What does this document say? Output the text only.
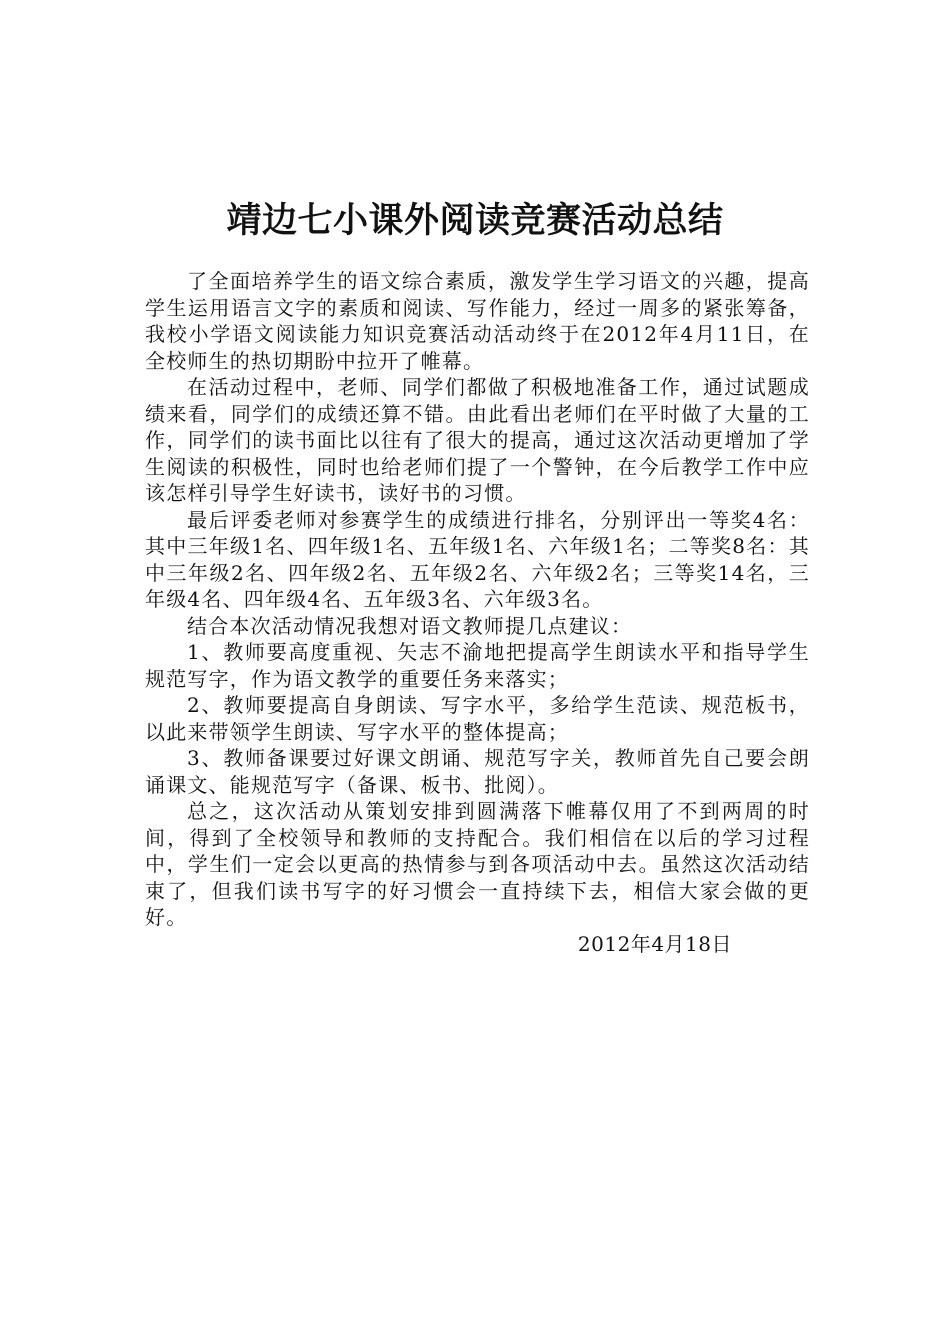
靖边七小课外阅读竞赛活动总结

了全面培养学生的语文综合素质，激发学生学习语文的兴趣，提高学生运用语言文字的素质和阅读、写作能力，经过一周多的紧张筹备，我校小学语文阅读能力知识竞赛活动活动终于在2012年4月11日，在全校师生的热切期盼中拉开了帷幕。

在活动过程中，老师、同学们都做了积极地准备工作，通过试题成绩来看，同学们的成绩还算不错。由此看出老师们在平时做了大量的工作，同学们的读书面比以往有了很大的提高，通过这次活动更增加了学生阅读的积极性，同时也给老师们提了一个警钟，在今后教学工作中应该怎样引导学生好读书，读好书的习惯。

最后评委老师对参赛学生的成绩进行排名，分别评出一等奖4名：其中三年级1名、四年级1名、五年级1名、六年级1名；二等奖8名：其中三年级2名、四年级2名、五年级2名、六年级2名；三等奖14名，三年级4名、四年级4名、五年级3名、六年级3名。

结合本次活动情况我想对语文教师提几点建议：

1、教师要高度重视、矢志不渝地把提高学生朗读水平和指导学生规范写字，作为语文教学的重要任务来落实；

2、教师要提高自身朗读、写字水平，多给学生范读、规范板书，以此来带领学生朗读、写字水平的整体提高；

3、教师备课要过好课文朗诵、规范写字关，教师首先自己要会朗诵课文、能规范写字（备课、板书、批阅）。

总之，这次活动从策划安排到圆满落下帷幕仅用了不到两周的时间，得到了全校领导和教师的支持配合。我们相信在以后的学习过程中，学生们一定会以更高的热情参与到各项活动中去。虽然这次活动结束了，但我们读书写字的好习惯会一直持续下去，相信大家会做的更好。

2012年4月18日
